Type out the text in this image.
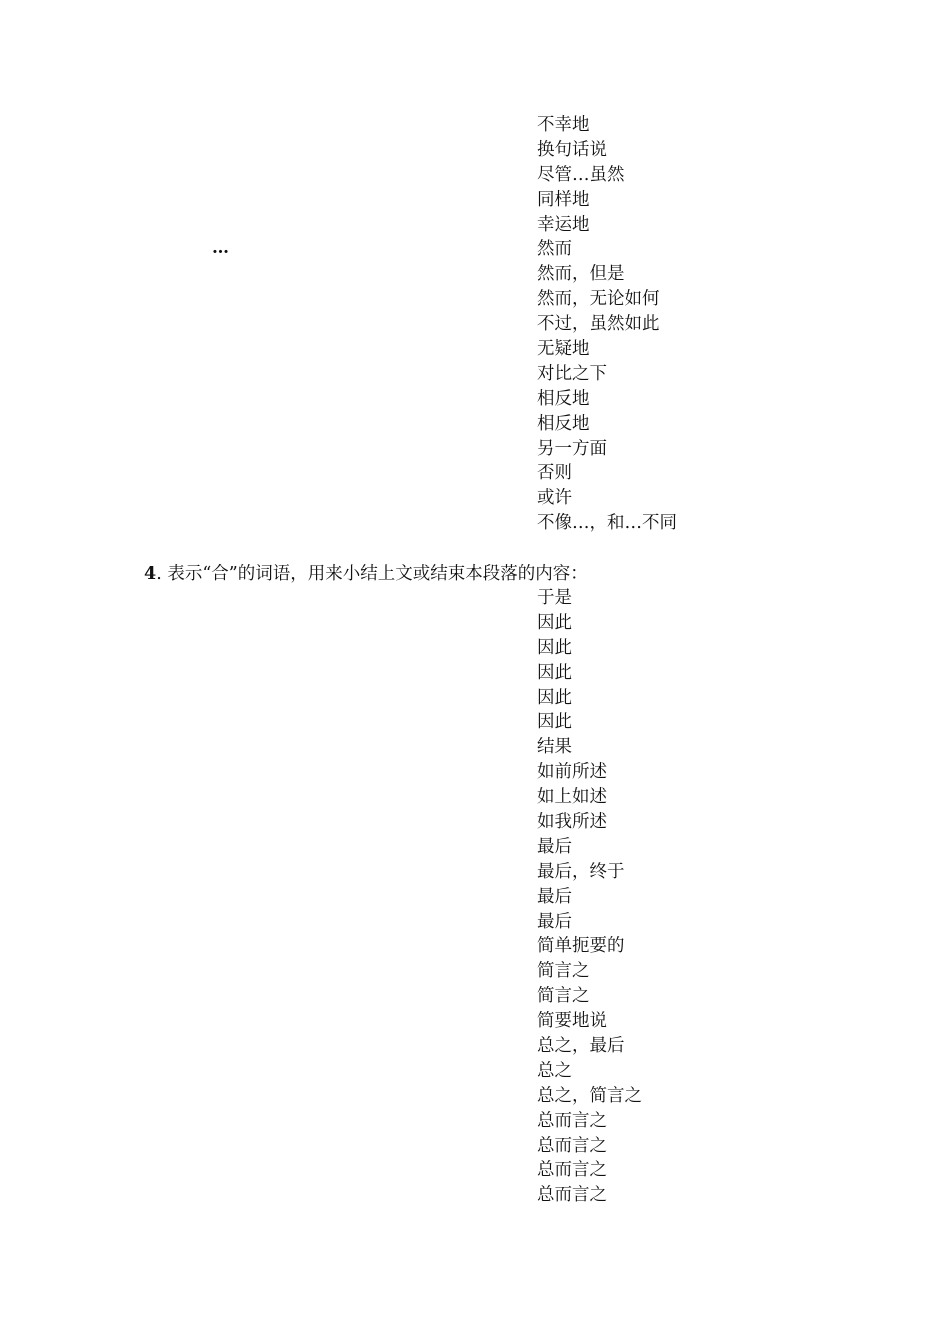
…
不幸地
换句话说
尽管…虽然
同样地
幸运地
然而
然而，但是
然而，无论如何
不过，虽然如此
无疑地
对比之下
相反地
相反地
另一方面
否则
或许
不像…，和…不同
4. 表示“合”的词语，用来小结上文或结束本段落的内容：
于是
因此
因此
因此
因此
因此
结果
如前所述
如上如述
如我所述
最后
最后，终于
最后
最后
简单扼要的
简言之
简言之
简要地说
总之，最后
总之
总之，简言之
总而言之
总而言之
总而言之
总而言之
